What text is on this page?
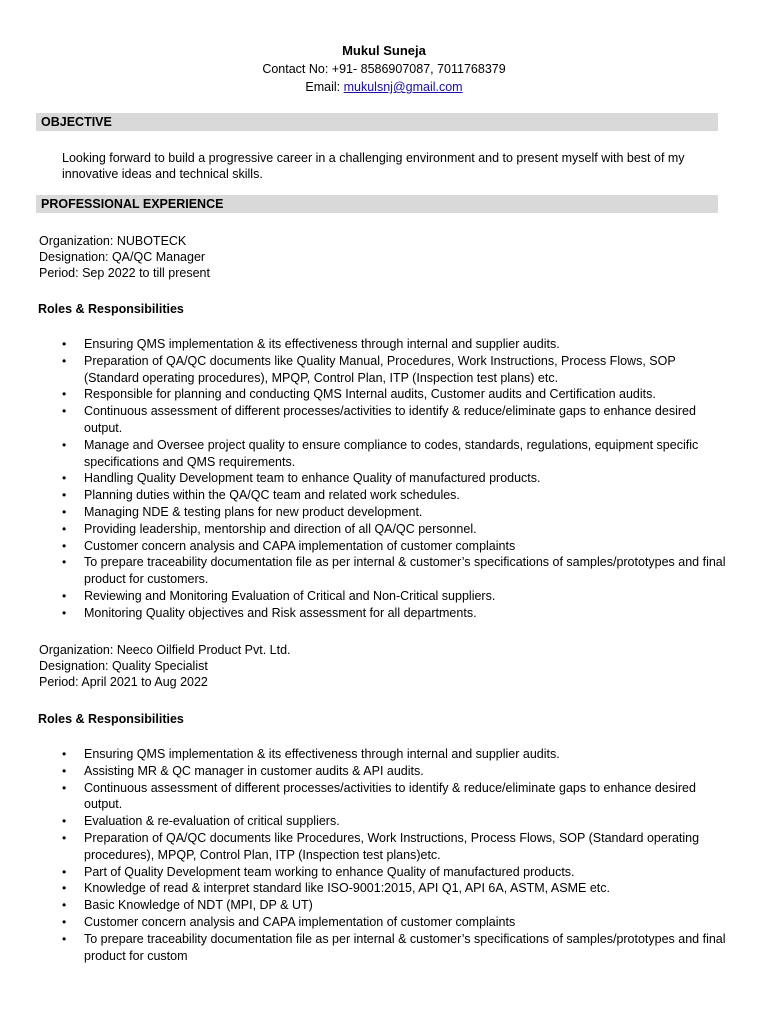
Mukul Suneja
Contact No: +91- 8586907087, 7011768379
Email: mukulsnj@gmail.com
OBJECTIVE
Looking forward to build a progressive career in a challenging environment and to present myself with best of my innovative ideas and technical skills.
PROFESSIONAL EXPERIENCE
Organization: NUBOTECK
Designation: QA/QC Manager
Period: Sep 2022 to till present
Roles & Responsibilities
• Ensuring QMS implementation & its effectiveness through internal and supplier audits.
• Preparation of QA/QC documents like Quality Manual, Procedures, Work Instructions, Process Flows, SOP (Standard operating procedures), MPQP, Control Plan, ITP (Inspection test plans) etc.
• Responsible for planning and conducting QMS Internal audits, Customer audits and Certification audits.
• Continuous assessment of different processes/activities to identify & reduce/eliminate gaps to enhance desired output.
• Manage and Oversee project quality to ensure compliance to codes, standards, regulations, equipment specific specifications and QMS requirements.
• Handling Quality Development team to enhance Quality of manufactured products.
• Planning duties within the QA/QC team and related work schedules.
• Managing NDE & testing plans for new product development.
• Providing leadership, mentorship and direction of all QA/QC personnel.
• Customer concern analysis and CAPA implementation of customer complaints
• To prepare traceability documentation file as per internal & customer’s specifications of samples/prototypes and final product for customers.
• Reviewing and Monitoring Evaluation of Critical and Non-Critical suppliers.
• Monitoring Quality objectives and Risk assessment for all departments.
Organization: Neeco Oilfield Product Pvt. Ltd.
Designation: Quality Specialist
Period: April 2021 to Aug 2022
Roles & Responsibilities
• Ensuring QMS implementation & its effectiveness through internal and supplier audits.
• Assisting MR & QC manager in customer audits & API audits.
• Continuous assessment of different processes/activities to identify & reduce/eliminate gaps to enhance desired output.
• Evaluation & re-evaluation of critical suppliers.
• Preparation of QA/QC documents like Procedures, Work Instructions, Process Flows, SOP (Standard operating procedures), MPQP, Control Plan, ITP (Inspection test plans)etc.
• Part of Quality Development team working to enhance Quality of manufactured products.
• Knowledge of read & interpret standard like ISO-9001:2015, API Q1, API 6A, ASTM, ASME etc.
• Basic Knowledge of NDT (MPI, DP & UT)
• Customer concern analysis and CAPA implementation of customer complaints
• To prepare traceability documentation file as per internal & customer’s specifications of samples/prototypes and final product for custom
